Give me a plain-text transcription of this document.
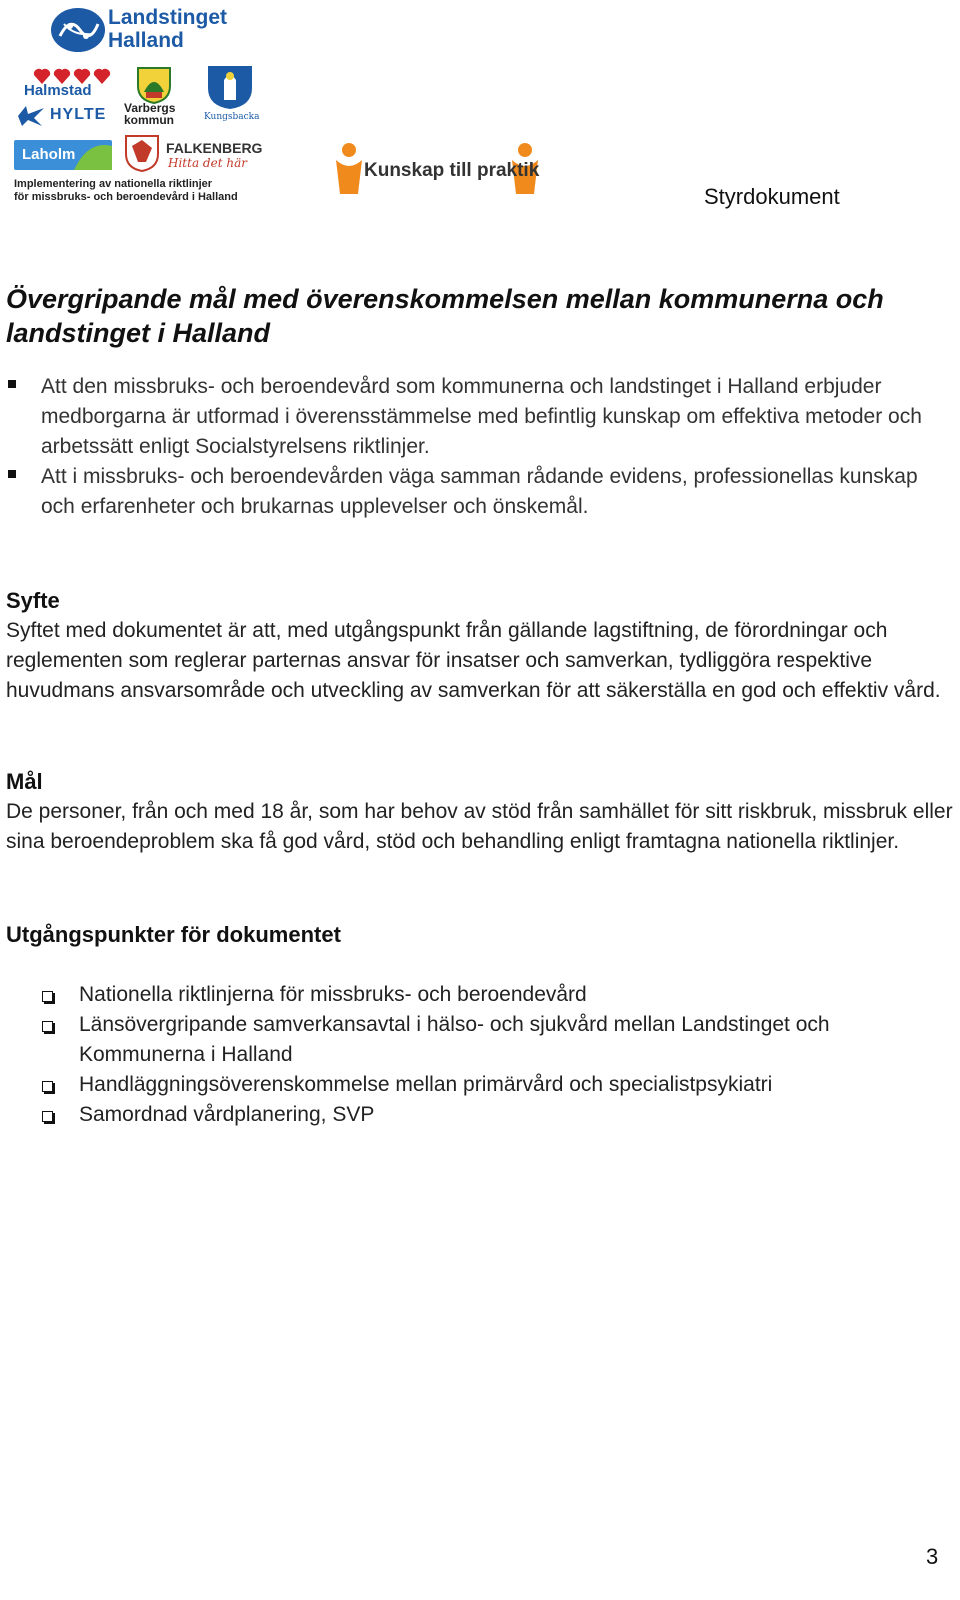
Landstinget Halland
Halmstad
Varbergs kommun	Kungsbacka
HYLTE
Laholm	FALKENBERG
Hitta det här
Implementering av nationella riktlinjer
för missbruks- och beroendevård i Halland
Kunskap till praktik
Styrdokument
Övergripande mål med överenskommelsen mellan kommunerna och landstinget i Halland
Att den missbruks- och beroendevård som kommunerna och landstinget i Halland erbjuder medborgarna är utformad i överensstämmelse med befintlig kunskap om effektiva metoder och arbetssätt enligt Socialstyrelsens riktlinjer.
Att i missbruks- och beroendevården väga samman rådande evidens, professionellas kunskap och erfarenheter och brukarnas upplevelser och önskemål.
Syfte
Syftet med dokumentet är att, med utgångspunkt från gällande lagstiftning, de förordningar och reglementen som reglerar parternas ansvar för insatser och samverkan, tydliggöra respektive huvudmans ansvarsområde och utveckling av samverkan för att säkerställa en god och effektiv vård.
Mål
De personer, från och med 18 år, som har behov av stöd från samhället för sitt riskbruk, missbruk eller sina beroendeproblem ska få god vård, stöd och behandling enligt framtagna nationella riktlinjer.
Utgångspunkter för dokumentet
Nationella riktlinjerna för missbruks- och beroendevård
Länsövergripande samverkansavtal i hälso- och sjukvård mellan Landstinget och Kommunerna i Halland
Handläggningsöverenskommelse mellan primärvård och specialistpsykiatri
Samordnad vårdplanering, SVP
3
